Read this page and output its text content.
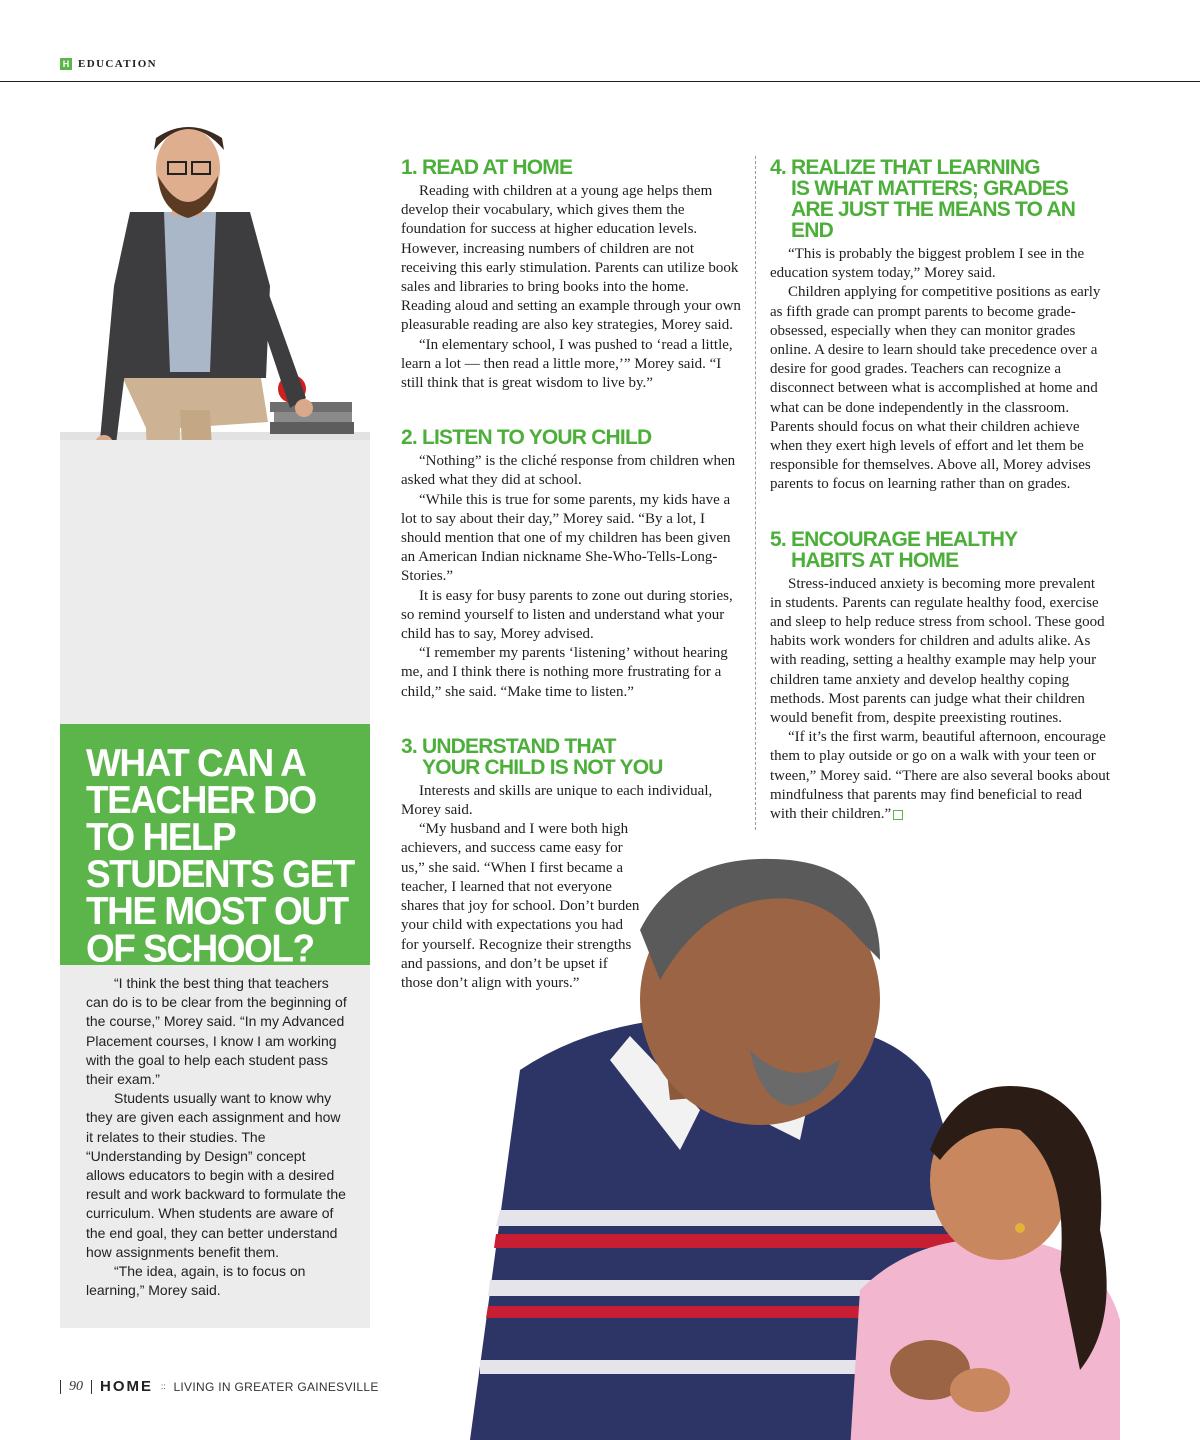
H EDUCATION
WHAT CAN A TEACHER DO TO HELP STUDENTS GET THE MOST OUT OF SCHOOL?

“I think the best thing that teachers can do is to be clear from the beginning of the course,” Morey said. “In my Advanced Placement courses, I know I am working with the goal to help each student pass their exam.”

Students usually want to know why they are given each assignment and how it relates to their studies. The “Understanding by Design” concept allows educators to begin with a desired result and work backward to formulate the curriculum. When students are aware of the end goal, they can better understand how assignments benefit them.

“The idea, again, is to focus on learning,” Morey said.

1. READ AT HOME

Reading with children at a young age helps them develop their vocabulary, which gives them the foundation for success at higher education levels. However, increasing numbers of children are not receiving this early stimulation. Parents can utilize book sales and libraries to bring books into the home. Reading aloud and setting an example through your own pleasurable reading are also key strategies, Morey said.

“In elementary school, I was pushed to ‘read a little, learn a lot — then read a little more,’” Morey said. “I still think that is great wisdom to live by.”

2. LISTEN TO YOUR CHILD

“Nothing” is the cliché response from children when asked what they did at school.

“While this is true for some parents, my kids have a lot to say about their day,” Morey said. “By a lot, I should mention that one of my children has been given an American Indian nickname She-Who-Tells-Long-Stories.”

It is easy for busy parents to zone out during stories, so remind yourself to listen and understand what your child has to say, Morey advised.

“I remember my parents ‘listening’ without hearing me, and I think there is nothing more frustrating for a child,” she said. “Make time to listen.”

3. UNDERSTAND THAT
YOUR CHILD IS NOT YOU

Interests and skills are unique to each individual, Morey said.

“My husband and I were both high achievers, and success came easy for us,” she said. “When I first became a teacher, I learned that not everyone shares that joy for school. Don’t burden your child with expectations you had for yourself. Recognize their strengths and passions, and don’t be upset if those don’t align with yours.”

4. REALIZE THAT LEARNING
IS WHAT MATTERS; GRADES
ARE JUST THE MEANS TO AN END

“This is probably the biggest problem I see in the education system today,” Morey said.

Children applying for competitive positions as early as fifth grade can prompt parents to become grade-obsessed, especially when they can monitor grades online. A desire to learn should take precedence over a desire for good grades. Teachers can recognize a disconnect between what is accomplished at home and what can be done independently in the classroom. Parents should focus on what their children achieve when they exert high levels of effort and let them be responsible for themselves. Above all, Morey advises parents to focus on learning rather than on grades.

5. ENCOURAGE HEALTHY
HABITS AT HOME

Stress-induced anxiety is becoming more prevalent in students. Parents can regulate healthy food, exercise and sleep to help reduce stress from school. These good habits work wonders for children and adults alike. As with reading, setting a healthy example may help your children tame anxiety and develop healthy coping methods. Most parents can judge what their children would benefit from, despite preexisting routines.

“If it’s the first warm, beautiful afternoon, encourage them to play outside or go on a walk with your teen or tween,” Morey said. “There are also several books about mindfulness that parents may find beneficial to read with their children.”

90 HOME :: LIVING IN GREATER GAINESVILLE
